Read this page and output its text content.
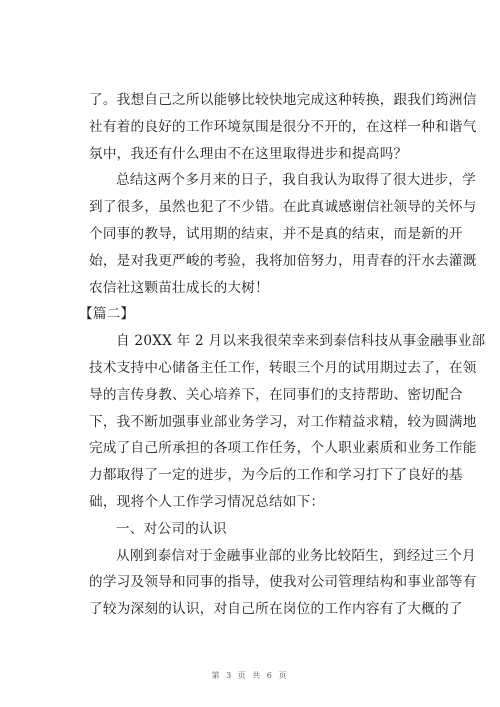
了。我想自己之所以能够比较快地完成这种转换，跟我们筠洲信
社有着的良好的工作环境氛围是很分不开的，在这样一种和谐气
氛中，我还有什么理由不在这里取得进步和提高吗？
总结这两个多月来的日子，我自我认为取得了很大进步，学
到了很多，虽然也犯了不少错。在此真诚感谢信社领导的关怀与
个同事的教导，试用期的结束，并不是真的结束，而是新的开
始，是对我更严峻的考验，我将加倍努力，用青春的汗水去灌溉
农信社这颗苗壮成长的大树！
【篇二】
自 20XX 年 2 月以来我很荣幸来到泰信科技从事金融事业部
技术支持中心储备主任工作，转眼三个月的试用期过去了，在领
导的言传身教、关心培养下，在同事们的支持帮助、密切配合
下，我不断加强事业部业务学习，对工作精益求精，较为圆满地
完成了自己所承担的各项工作任务，个人职业素质和业务工作能
力都取得了一定的进步，为今后的工作和学习打下了良好的基
础，现将个人工作学习情况总结如下：
一、对公司的认识
从刚到泰信对于金融事业部的业务比较陌生，到经过三个月
的学习及领导和同事的指导，使我对公司管理结构和事业部等有
了较为深刻的认识，对自己所在岗位的工作内容有了大概的了
第 3 页 共 6 页
